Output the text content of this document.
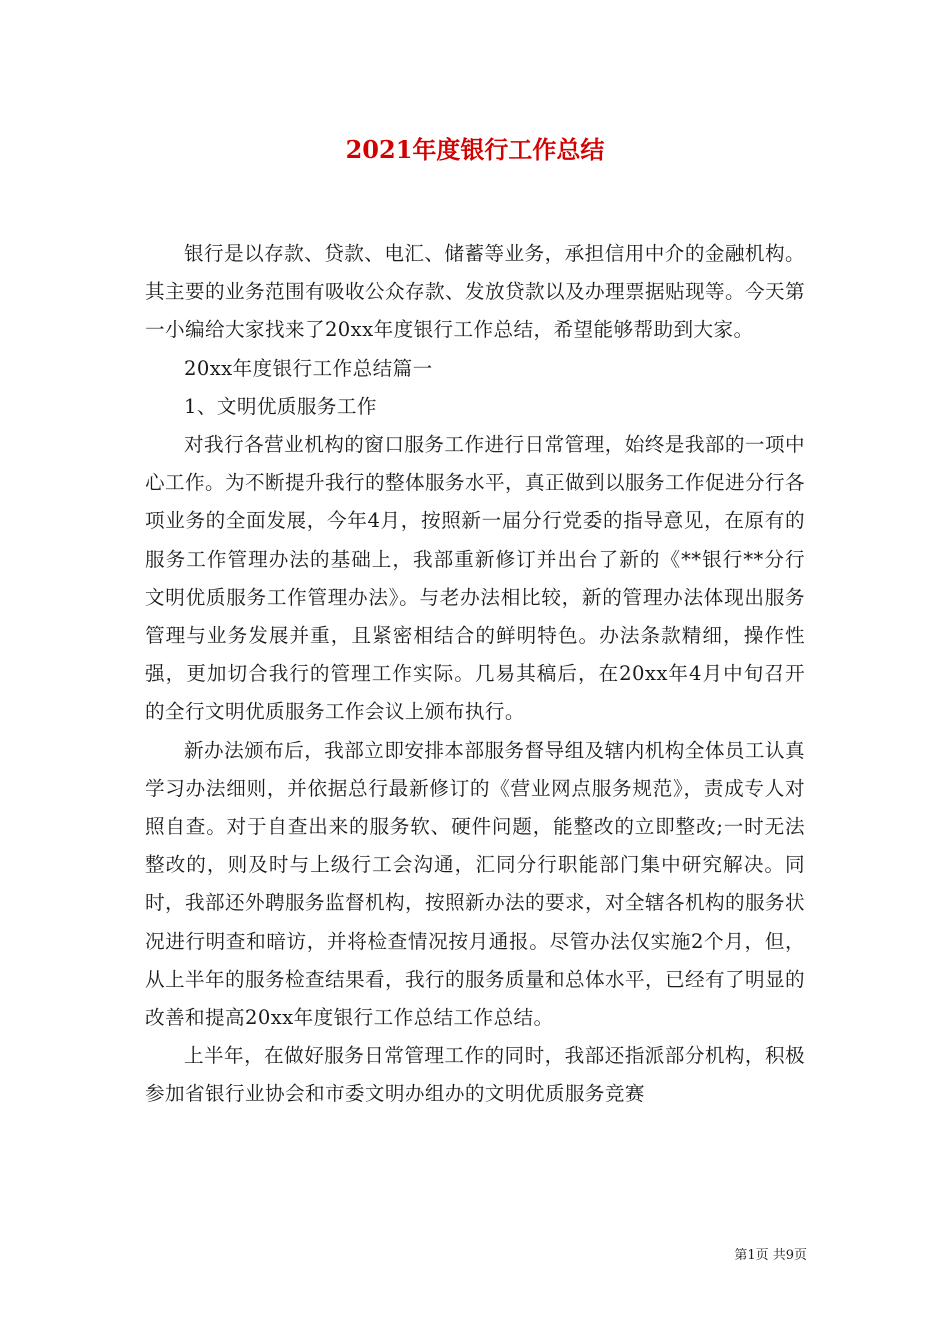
2021年度银行工作总结

银行是以存款、贷款、电汇、储蓄等业务，承担信用中介的金融机构。其主要的业务范围有吸收公众存款、发放贷款以及办理票据贴现等。今天第一小编给大家找来了20xx年度银行工作总结，希望能够帮助到大家。

20xx年度银行工作总结篇一

1、文明优质服务工作

对我行各营业机构的窗口服务工作进行日常管理，始终是我部的一项中心工作。为不断提升我行的整体服务水平，真正做到以服务工作促进分行各项业务的全面发展，今年4月，按照新一届分行党委的指导意见，在原有的服务工作管理办法的基础上，我部重新修订并出台了新的《**银行**分行文明优质服务工作管理办法》。与老办法相比较，新的管理办法体现出服务管理与业务发展并重，且紧密相结合的鲜明特色。办法条款精细，操作性强，更加切合我行的管理工作实际。几易其稿后，在20xx年4月中旬召开的全行文明优质服务工作会议上颁布执行。

新办法颁布后，我部立即安排本部服务督导组及辖内机构全体员工认真学习办法细则，并依据总行最新修订的《营业网点服务规范》，责成专人对照自查。对于自查出来的服务软、硬件问题，能整改的立即整改;一时无法整改的，则及时与上级行工会沟通，汇同分行职能部门集中研究解决。同时，我部还外聘服务监督机构，按照新办法的要求，对全辖各机构的服务状况进行明查和暗访，并将检查情况按月通报。尽管办法仅实施2个月，但，从上半年的服务检查结果看，我行的服务质量和总体水平，已经有了明显的改善和提高20xx年度银行工作总结工作总结。

上半年，在做好服务日常管理工作的同时，我部还指派部分机构，积极参加省银行业协会和市委文明办组办的文明优质服务竞赛

第1页 共9页
